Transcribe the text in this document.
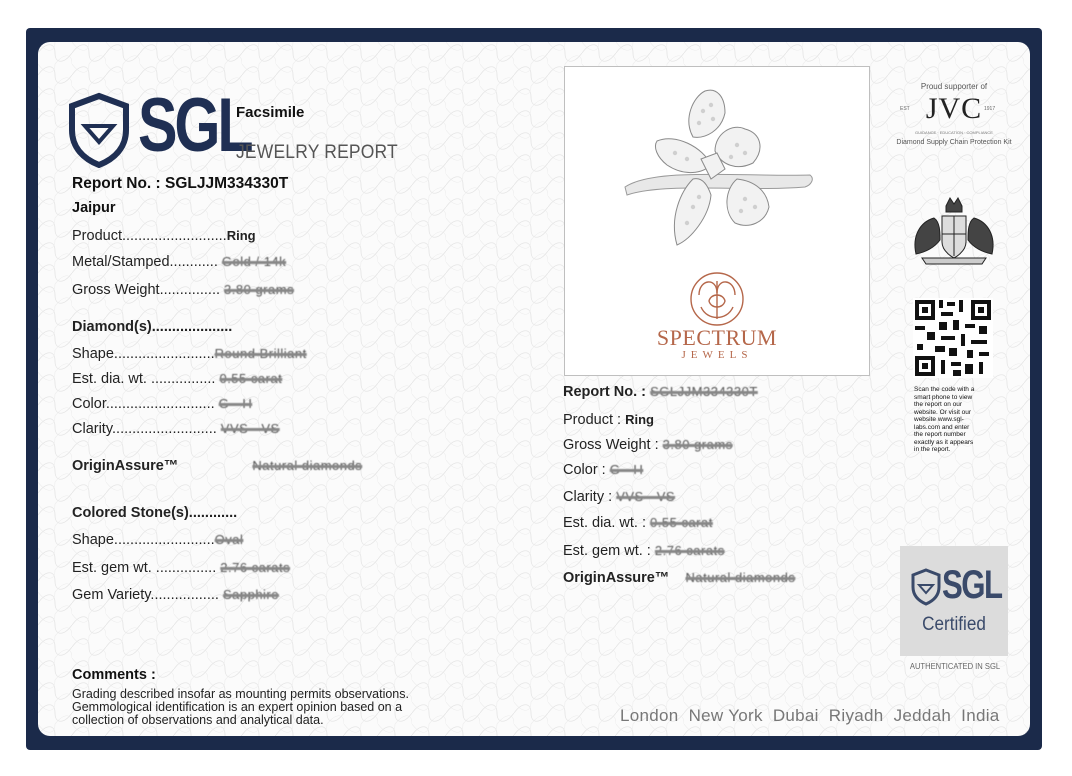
SGL
Facsimile
JEWELRY REPORT
Report No. : SGLJJM334330T
Jaipur
Product..........................Ring
Metal/Stamped............ Gold / 14k
Gross Weight............... 3.80 grams
Diamond(s)....................
Shape.........................Round Brilliant
Est. dia. wt. ................ 0.55 carat
Color........................... G - H
Clarity.......................... VVS - VS
OriginAssure™	Natural diamonds
Colored Stone(s)............
Shape.........................Oval
Est. gem wt. ............... 2.76 carats
Gem Variety................. Sapphire
Comments :
Grading described insofar as mounting permits observations.
Gemmological identification is an expert opinion based on a
collection of observations and analytical data.
SPECTRUM
JEWELS
Report No. : SGLJJM334330T
Product : Ring
Gross Weight : 3.80 grams
Color : G - H
Clarity : VVS - VS
Est. dia. wt. : 0.55 carat
Est. gem wt. : 2.76 carats
OriginAssure™ Natural diamonds
Proud supporter of
EST	1917
JVC
GUIDANCE · EDUCATION · COMPLIANCE
Diamond Supply Chain Protection Kit
Scan the code with a
smart phone to view
the report on our
website. Or visit our
website www.sgl-
labs.com and enter
the report number
exactly as it appears
in the report.
SGL
Certified
AUTHENTICATED IN SGL
London  New York  Dubai  Riyadh  Jeddah  India
